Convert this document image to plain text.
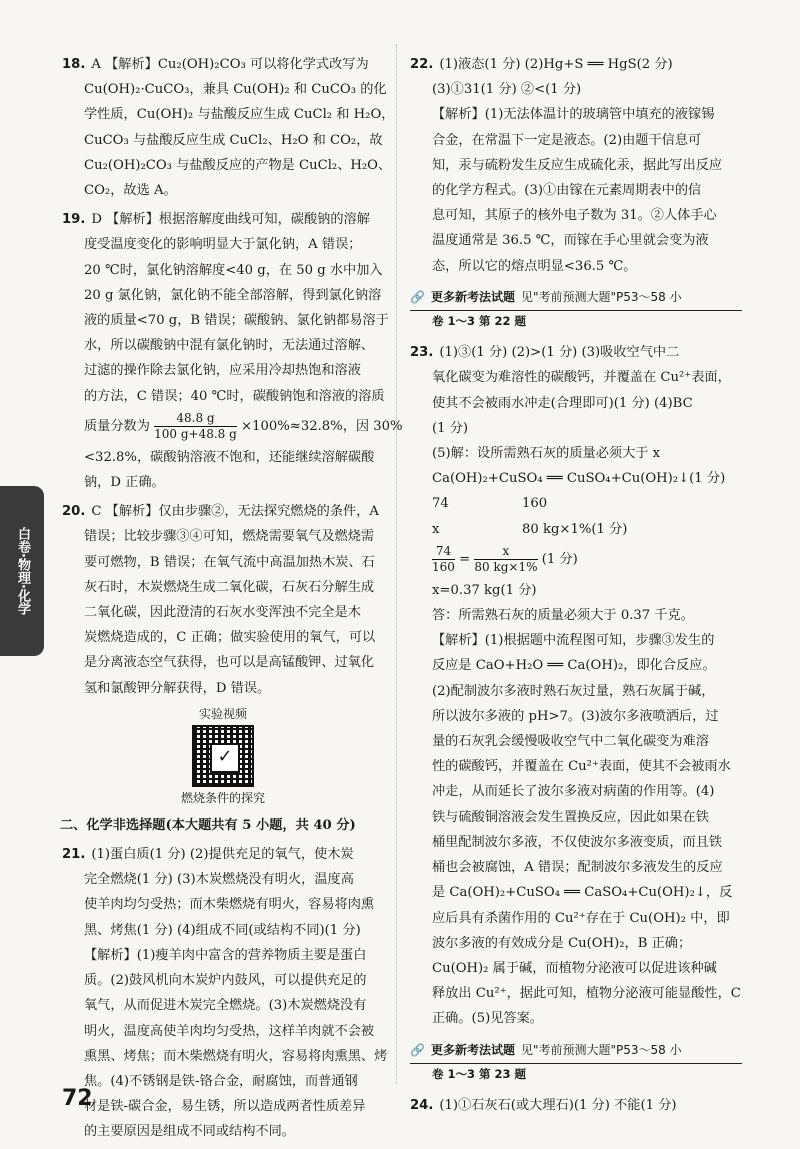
白卷·物理·化学
18. A 【解析】Cu₂(OH)₂CO₃ 可以将化学式改写为
Cu(OH)₂·CuCO₃，兼具 Cu(OH)₂ 和 CuCO₃ 的化
学性质，Cu(OH)₂ 与盐酸反应生成 CuCl₂ 和 H₂O，
CuCO₃ 与盐酸反应生成 CuCl₂、H₂O 和 CO₂，故
Cu₂(OH)₂CO₃ 与盐酸反应的产物是 CuCl₂、H₂O、
CO₂，故选 A。
19. D 【解析】根据溶解度曲线可知，碳酸钠的溶解
度受温度变化的影响明显大于氯化钠，A 错误；
20 ℃时，氯化钠溶解度<40 g，在 50 g 水中加入
20 g 氯化钠，氯化钠不能全部溶解，得到氯化钠溶
液的质量<70 g，B 错误；碳酸钠、氯化钠都易溶于
水，所以碳酸钠中混有氯化钠时，无法通过溶解、
过滤的操作除去氯化钠，应采用冷却热饱和溶液
的方法，C 错误；40 ℃时，碳酸钠饱和溶液的溶质
质量分数为 $\frac{48.8 g}{100 g+48.8 g} \times 100\%\approx 32.8\%$，因 30%
<32.8%，碳酸钠溶液不饱和，还能继续溶解碳酸
钠，D 正确。
20. C 【解析】仅由步骤②，无法探究燃烧的条件，A
错误；比较步骤③④可知，燃烧需要氧气及燃烧需
要可燃物，B 错误；在氧气流中高温加热木炭、石
灰石时，木炭燃烧生成二氧化碳，石灰石分解生成
二氧化碳，因此澄清的石灰水变浑浊不完全是木
炭燃烧造成的，C 正确；做实验使用的氧气，可以
是分离液态空气获得，也可以是高锰酸钾、过氧化
氢和氯酸钾分解获得，D 错误。
实验视频
✓
燃烧条件的探究
二、化学非选择题(本大题共有 5 小题，共 40 分)
21. (1)蛋白质(1 分) (2)提供充足的氧气，使木炭
完全燃烧(1 分) (3)木炭燃烧没有明火，温度高
使羊肉均匀受热；而木柴燃烧有明火，容易将肉熏
黑、烤焦(1 分) (4)组成不同(或结构不同)(1 分)
【解析】(1)瘦羊肉中富含的营养物质主要是蛋白
质。(2)鼓风机向木炭炉内鼓风，可以提供充足的
氧气，从而促进木炭完全燃烧。(3)木炭燃烧没有
明火，温度高使羊肉均匀受热，这样羊肉就不会被
熏黑、烤焦；而木柴燃烧有明火，容易将肉熏黑、烤
焦。(4)不锈钢是铁-铬合金，耐腐蚀，而普通钢
材是铁-碳合金，易生锈，所以造成两者性质差异
的主要原因是组成不同或结构不同。
22. (1)液态(1 分) (2)Hg+S ══ HgS(2 分)
(3)①31(1 分) ②<(1 分)
【解析】(1)无法体温计的玻璃管中填充的液镓锡
合金，在常温下一定是液态。(2)由题干信息可
知，汞与硫粉发生反应生成硫化汞，据此写出反应
的化学方程式。(3)①由镓在元素周期表中的信
息可知，其原子的核外电子数为 31。②人体手心
温度通常是 36.5 ℃，而镓在手心里就会变为液
态，所以它的熔点明显<36.5 ℃。
🔗 更多新考法试题 见"考前预测大题"P53～58 小
卷 1～3 第 22 题
23. (1)③(1 分) (2)>(1 分) (3)吸收空气中二
氧化碳变为难溶性的碳酸钙，并覆盖在 Cu²⁺表面，
使其不会被雨水冲走(合理即可)(1 分) (4)BC
(1 分)
(5)解：设所需熟石灰的质量必须大于 x
Ca(OH)₂+CuSO₄ ══ CuSO₄+Cu(OH)₂↓(1 分)
74	160
x	80 kg×1%(1 分)
$\frac{74}{160} = \frac{x}{80 kg\times 1\%} (1$ 分)
x=0.37 kg(1 分)
答：所需熟石灰的质量必须大于 0.37 千克。
【解析】(1)根据题中流程图可知，步骤③发生的
反应是 CaO+H₂O ══ Ca(OH)₂，即化合反应。
(2)配制波尔多液时熟石灰过量，熟石灰属于碱，
所以波尔多液的 pH>7。(3)波尔多液喷洒后，过
量的石灰乳会缓慢吸收空气中二氧化碳变为难溶
性的碳酸钙，并覆盖在 Cu²⁺表面，使其不会被雨水
冲走，从而延长了波尔多液对病菌的作用等。(4)
铁与硫酸铜溶液会发生置换反应，因此如果在铁
桶里配制波尔多液，不仅使波尔多液变质，而且铁
桶也会被腐蚀，A 错误；配制波尔多液发生的反应
是 Ca(OH)₂+CuSO₄ ══ CaSO₄+Cu(OH)₂↓，反
应后具有杀菌作用的 Cu²⁺存在于 Cu(OH)₂ 中，即
波尔多液的有效成分是 Cu(OH)₂，B 正确；
Cu(OH)₂ 属于碱，而植物分泌液可以促进该种碱
释放出 Cu²⁺，据此可知，植物分泌液可能显酸性，C
正确。(5)见答案。
🔗 更多新考法试题 见"考前预测大题"P53～58 小
卷 1～3 第 23 题
24. (1)①石灰石(或大理石)(1 分) 不能(1 分)
72
